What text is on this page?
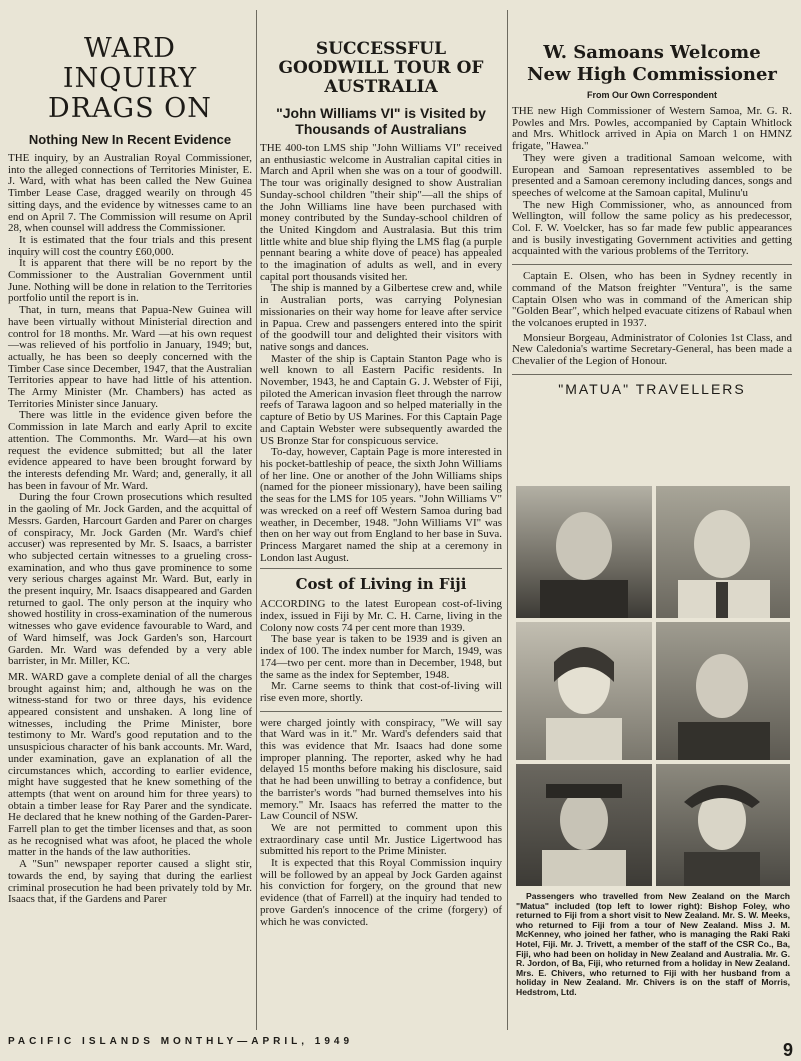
WARD INQUIRY DRAGS ON
Nothing New In Recent Evidence

THE inquiry, by an Australian Royal Commissioner, into the alleged connections of Territories Minister, E. J. Ward, with what has been called the New Guinea Timber Lease Case, dragged wearily on through 45 sitting days, and the evidence by witnesses came to an end on April 7. The Commission will resume on April 28, when counsel will address the Commissioner.

It is estimated that the four trials and this present inquiry will cost the country £60,000.

It is apparent that there will be no report by the Commissioner to the Australian Government until June. Nothing will be done in relation to the Territories portfolio until the report is in.

That, in turn, means that Papua-New Guinea will have been virtually without Ministerial direction and control for 18 months. Mr. Ward —at his own request —was relieved of his portfolio in January, 1949; but, actually, he has been so deeply concerned with the Timber Case since December, 1947, that the Australian Territories appear to have had little of his attention. The Army Minister (Mr. Chambers) has acted as Territories Minister since January.

There was little in the evidence given before the Commission in late March and early April to excite attention. The Commonths. Mr. Ward—at his own request the evidence submitted; but all the later evidence appeared to have been brought forward by the interests defending Mr. Ward; and, generally, it all has been in favour of Mr. Ward.

During the four Crown prosecutions which resulted in the gaoling of Mr. Jock Garden, and the acquittal of Messrs. Garden, Harcourt Garden and Parer on charges of conspiracy, Mr. Jock Garden (Mr. Ward's chief accuser) was represented by Mr. S. Isaacs, a barrister who subjected certain witnesses to a grueling cross-examination, and who thus gave prominence to some very serious charges against Mr. Ward. But, early in the present inquiry, Mr. Isaacs disappeared and Garden returned to gaol. The only person at the inquiry who showed hostility in cross-examination of the numerous witnesses who gave evidence favourable to Ward, and of Ward himself, was Jock Garden's son, Harcourt Garden. Mr. Ward was defended by a very able barrister, in Mr. Miller, KC.

MR. WARD gave a complete denial of all the charges brought against him; and, although he was on the witness-stand for two or three days, his evidence appeared consistent and unshaken. A long line of witnesses, including the Prime Minister, bore testimony to Mr. Ward's good reputation and to the unsuspicious character of his bank accounts. Mr. Ward, under examination, gave an explanation of all the circumstances which, according to earlier evidence, might have suggested that he knew something of the attempts (that went on around him for three years) to obtain a timber lease for Ray Parer and the syndicate. He declared that he knew nothing of the Garden-Parer-Farrell plan to get the timber licenses and that, as soon as he recognised what was afoot, he placed the whole matter in the hands of the law authorities.

A "Sun" newspaper reporter caused a slight stir, towards the end, by saying that during the earliest criminal prosecution he had been privately told by Mr. Isaacs that, if the Gardens and Parer

SUCCESSFUL GOODWILL TOUR OF AUSTRALIA
"John Williams VI" is Visited by Thousands of Australians

THE 400-ton LMS ship "John Williams VI" received an enthusiastic welcome in Australian capital cities in March and April when she was on a tour of goodwill. The tour was originally designed to show Australian Sunday-school children "their ship"—all the ships of the John Williams line have been purchased with money contributed by the Sunday-school children of the United Kingdom and Australasia. But this trim little white and blue ship flying the LMS flag (a purple pennant bearing a white dove of peace) has appealed to the imagination of adults as well, and in every capital port thousands visited her.

The ship is manned by a Gilbertese crew and, while in Australian ports, was carrying Polynesian missionaries on their way home for leave after service in Papua. Crew and passengers entered into the spirit of the goodwill tour and delighted their visitors with native songs and dances.

Master of the ship is Captain Stanton Page who is well known to all Eastern Pacific residents. In November, 1943, he and Captain G. J. Webster of Fiji, piloted the American invasion fleet through the narrow reefs of Tarawa lagoon and so helped materially in the capture of Betio by US Marines. For this Captain Page and Captain Webster were subsequently awarded the US Bronze Star for conspicuous service.

To-day, however, Captain Page is more interested in his pocket-battleship of peace, the sixth John Williams of her line. One or another of the John Williams ships (named for the pioneer missionary), have been sailing the seas for the LMS for 105 years. "John Williams V" was wrecked on a reef off Western Samoa during bad weather, in December, 1948. "John Williams VI" was then on her way out from England to her base in Suva. Princess Margaret named the ship at a ceremony in London last August.

Cost of Living in Fiji

ACCORDING to the latest European cost-of-living index, issued in Fiji by Mr. C. H. Carne, living in the Colony now costs 74 per cent more than 1939.

The base year is taken to be 1939 and is given an index of 100. The index number for March, 1949, was 174—two per cent. more than in December, 1948, but the same as the index for September, 1948.

Mr. Carne seems to think that cost-of-living will rise even more, shortly.

were charged jointly with conspiracy, "We will say that Ward was in it." Mr. Ward's defenders said that this was evidence that Mr. Isaacs had done some improper planning. The reporter, asked why he had delayed 15 months before making his disclosure, said that he had been unwilling to betray a confidence, but the barrister's words "had burned themselves into his memory." Mr. Isaacs has referred the matter to the Law Council of NSW.

We are not permitted to comment upon this extraordinary case until Mr. Justice Ligertwood has submitted his report to the Prime Minister.

It is expected that this Royal Commission inquiry will be followed by an appeal by Jock Garden against his conviction for forgery, on the ground that new evidence (that of Farrell) at the inquiry had tended to prove Garden's innocence of the crime (forgery) of which he was convicted.

W. Samoans Welcome New High Commissioner
From Our Own Correspondent

THE new High Commissioner of Western Samoa, Mr. G. R. Powles and Mrs. Powles, accompanied by Captain Whitlock and Mrs. Whitlock arrived in Apia on March 1 on HMNZ frigate, "Hawea."

They were given a traditional Samoan welcome, with European and Samoan representatives assembled to be presented and a Samoan ceremony including dances, songs and speeches of welcome at the Samoan capital, Mulinu'u

The new High Commissioner, who, as announced from Wellington, will follow the same policy as his predecessor, Col. F. W. Voelcker, has so far made few public appearances and is busily investigating Government activities and getting acquainted with the various problems of the Territory.

Captain E. Olsen, who has been in Sydney recently in command of the Matson freighter "Ventura", is the same Captain Olsen who was in command of the American ship "Golden Bear", which helped evacuate citizens of Rabaul when the volcanoes erupted in 1937.

Monsieur Borgeau, Administrator of Colonies 1st Class, and New Caledonia's wartime Secretary-General, has been made a Chevalier of the Legion of Honour.

"MATUA" TRAVELLERS
Passengers who travelled from New Zealand on the March "Matua" included (top left to lower right): Bishop Foley, who returned to Fiji from a short visit to New Zealand. Mr. S. W. Meeks, who returned to Fiji from a tour of New Zealand. Miss J. M. McKenney, who joined her father, who is managing the Raki Raki Hotel, Fiji. Mr. J. Trivett, a member of the staff of the CSR Co., Ba, Fiji, who had been on holiday in New Zealand and Australia. Mr. G. R. Jordon, of Ba, Fiji, who returned from a holiday in New Zealand. Mrs. E. Chivers, who returned to Fiji with her husband from a holiday in New Zealand. Mr. Chivers is on the staff of Morris, Hedstrom, Ltd.
PACIFIC ISLANDS MONTHLY—APRIL, 1949	9
